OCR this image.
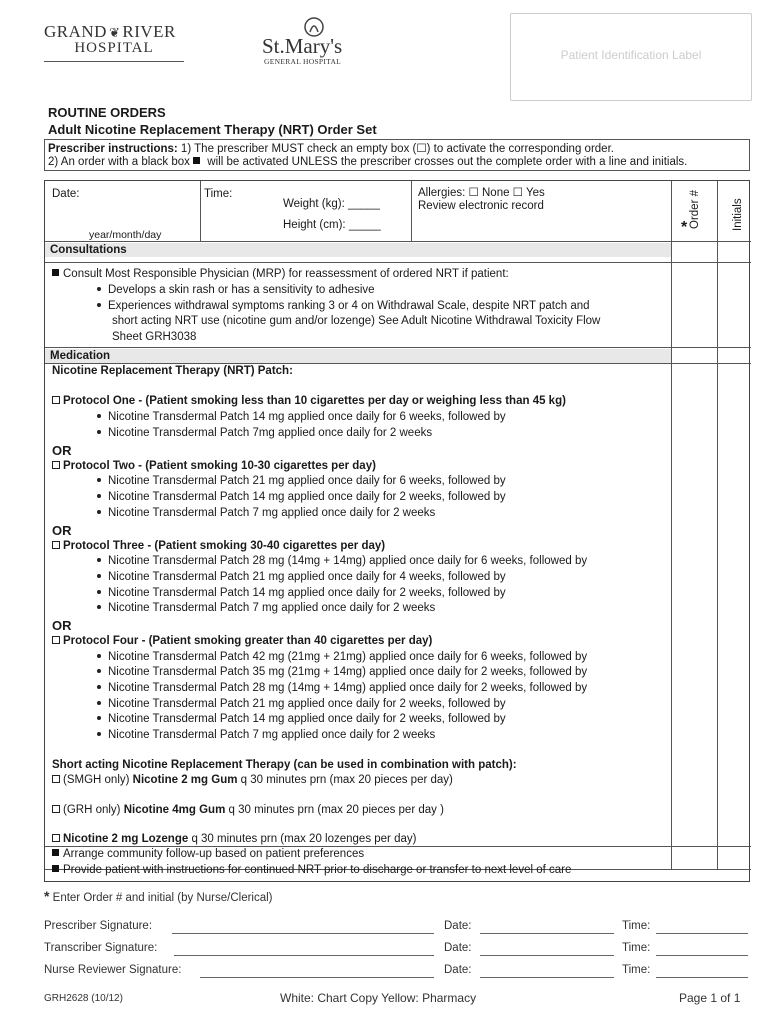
GRAND ❦ RIVER
HOSPITAL	St.Mary's
GENERAL HOSPITAL	Patient Identification Label
ROUTINE ORDERS
Adult Nicotine Replacement Therapy (NRT) Order Set
Prescriber instructions: 1) The prescriber MUST check an empty box (☐) to activate the corresponding order.
2) An order with a black box  will be activated UNLESS the prescriber crosses out the complete order with a line and initials.
Date:
year/month/day
Time:
Weight (kg): _____
Height (cm): _____
Allergies: ☐ None ☐ Yes
Review electronic record
* Order #	Initials
Consultations
Consult Most Responsible Physician (MRP) for reassessment of ordered NRT if patient:
Develops a skin rash or has a sensitivity to adhesive
Experiences withdrawal symptoms ranking 3 or 4 on Withdrawal Scale, despite NRT patch and
short acting NRT use (nicotine gum and/or lozenge) See Adult Nicotine Withdrawal Toxicity Flow
Sheet GRH3038
Medication
Nicotine Replacement Therapy (NRT) Patch:
Protocol One - (Patient smoking less than 10 cigarettes per day or weighing less than 45 kg)
Nicotine Transdermal Patch 14 mg applied once daily for 6 weeks, followed by
Nicotine Transdermal Patch 7mg applied once daily for 2 weeks
OR
Protocol Two - (Patient smoking 10-30 cigarettes per day)
Nicotine Transdermal Patch 21 mg applied once daily for 6 weeks, followed by
Nicotine Transdermal Patch 14 mg applied once daily for 2 weeks, followed by
Nicotine Transdermal Patch 7 mg applied once daily for 2 weeks
OR
Protocol Three - (Patient smoking 30-40 cigarettes per day)
Nicotine Transdermal Patch 28 mg (14mg + 14mg) applied once daily for 6 weeks, followed by
Nicotine Transdermal Patch 21 mg applied once daily for 4 weeks, followed by
Nicotine Transdermal Patch 14 mg applied once daily for 2 weeks, followed by
Nicotine Transdermal Patch 7 mg applied once daily for 2 weeks
OR
Protocol Four - (Patient smoking greater than 40 cigarettes per day)
Nicotine Transdermal Patch 42 mg (21mg + 21mg) applied once daily for 6 weeks, followed by
Nicotine Transdermal Patch 35 mg (21mg + 14mg) applied once daily for 2 weeks, followed by
Nicotine Transdermal Patch 28 mg (14mg + 14mg) applied once daily for 2 weeks, followed by
Nicotine Transdermal Patch 21 mg applied once daily for 2 weeks, followed by
Nicotine Transdermal Patch 14 mg applied once daily for 2 weeks, followed by
Nicotine Transdermal Patch 7 mg applied once daily for 2 weeks
Short acting Nicotine Replacement Therapy (can be used in combination with patch):
(SMGH only) Nicotine 2 mg Gum q 30 minutes prn (max 20 pieces per day)
(GRH only) Nicotine 4mg Gum q 30 minutes prn (max 20 pieces per day )
Nicotine 2 mg Lozenge q 30 minutes prn (max 20 lozenges per day)
Arrange community follow-up based on patient preferences
Provide patient with instructions for continued NRT prior to discharge or transfer to next level of care
* Enter Order # and initial (by Nurse/Clerical)
Prescriber Signature:	Date:	Time:
Transcriber Signature:	Date:	Time:
Nurse Reviewer Signature:	Date:	Time:
GRH2628 (10/12)	White: Chart Copy Yellow: Pharmacy	Page 1 of 1
